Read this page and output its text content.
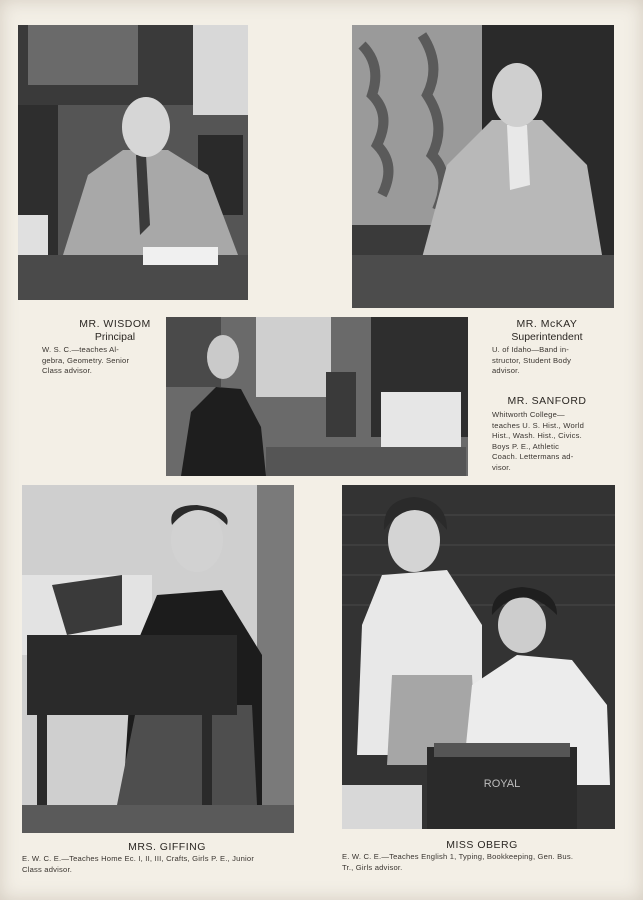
ROYAL
MR. WISDOM
Principal
W. S. C.—teaches Al-
gebra, Geometry. Senior
Class advisor.
MR. McKAY
Superintendent
U. of Idaho—Band in-
structor, Student Body
advisor.
MR. SANFORD
Whitworth College—
teaches U. S. Hist., World
Hist., Wash. Hist., Civics.
Boys P. E., Athletic
Coach. Lettermans ad-
visor.
MRS. GIFFING
E. W. C. E.—Teaches Home Ec. I, II, III, Crafts, Girls P. E., Junior
Class advisor.
MISS OBERG
E. W. C. E.—Teaches English 1, Typing, Bookkeeping, Gen. Bus.
Tr., Girls advisor.
